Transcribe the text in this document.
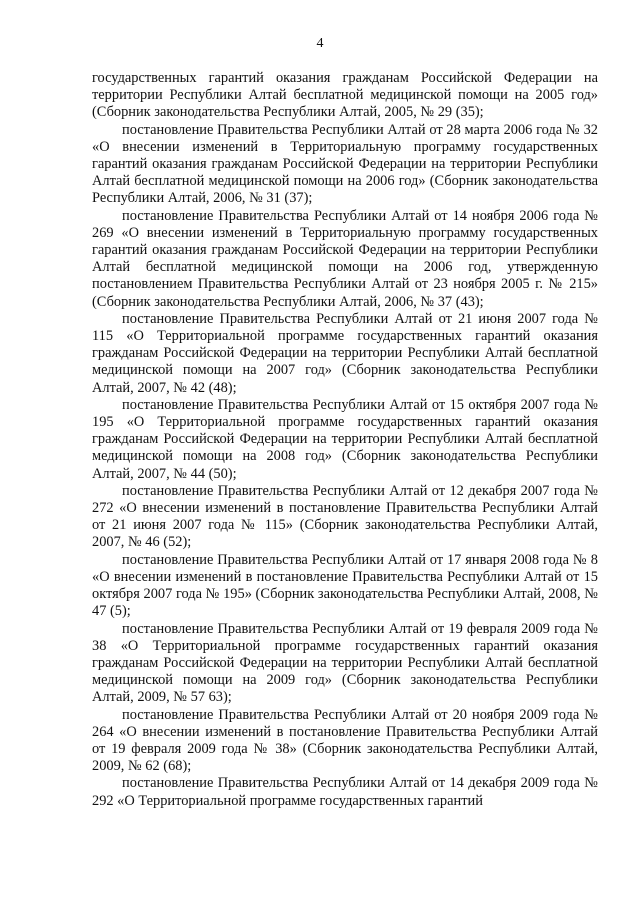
4

государственных гарантий оказания гражданам Российской Федерации на территории Республики Алтай бесплатной медицинской помощи на 2005 год» (Сборник законодательства Республики Алтай, 2005, № 29 (35);

постановление Правительства Республики Алтай от 28 марта 2006 года № 32 «О внесении изменений в Территориальную программу государственных гарантий оказания гражданам Российской Федерации на территории Республики Алтай бесплатной медицинской помощи на 2006 год» (Сборник законодательства Республики Алтай, 2006, № 31 (37);

постановление Правительства Республики Алтай от 14 ноября 2006 года № 269 «О внесении изменений в Территориальную программу государственных гарантий оказания гражданам Российской Федерации на территории Республики Алтай бесплатной медицинской помощи на 2006 год, утвержденную постановлением Правительства Республики Алтай от 23 ноября 2005 г. № 215» (Сборник законодательства Республики Алтай, 2006, № 37 (43);

постановление Правительства Республики Алтай от 21 июня 2007 года № 115 «О Территориальной программе государственных гарантий оказания гражданам Российской Федерации на территории Республики Алтай бесплатной медицинской помощи на 2007 год» (Сборник законодательства Республики Алтай, 2007, № 42 (48);

постановление Правительства Республики Алтай от 15 октября 2007 года № 195 «О Территориальной программе государственных гарантий оказания гражданам Российской Федерации на территории Республики Алтай бесплатной медицинской помощи на 2008 год» (Сборник законодательства Республики Алтай, 2007, № 44 (50);

постановление Правительства Республики Алтай от 12 декабря 2007 года № 272 «О внесении изменений в постановление Правительства Республики Алтай от 21 июня 2007 года № 115» (Сборник законодательства Республики Алтай, 2007, № 46 (52);

постановление Правительства Республики Алтай от 17 января 2008 года № 8 «О внесении изменений в постановление Правительства Республики Алтай от 15 октября 2007 года № 195» (Сборник законодательства Республики Алтай, 2008, № 47 (5);

постановление Правительства Республики Алтай от 19 февраля 2009 года № 38 «О Территориальной программе государственных гарантий оказания гражданам Российской Федерации на территории Республики Алтай бесплатной медицинской помощи на 2009 год» (Сборник законодательства Республики Алтай, 2009, № 57 63);

постановление Правительства Республики Алтай от 20 ноября 2009 года № 264 «О внесении изменений в постановление Правительства Республики Алтай от 19 февраля 2009 года № 38» (Сборник законодательства Республики Алтай, 2009, № 62 (68);

постановление Правительства Республики Алтай от 14 декабря 2009 года № 292 «О Территориальной программе государственных гарантий
